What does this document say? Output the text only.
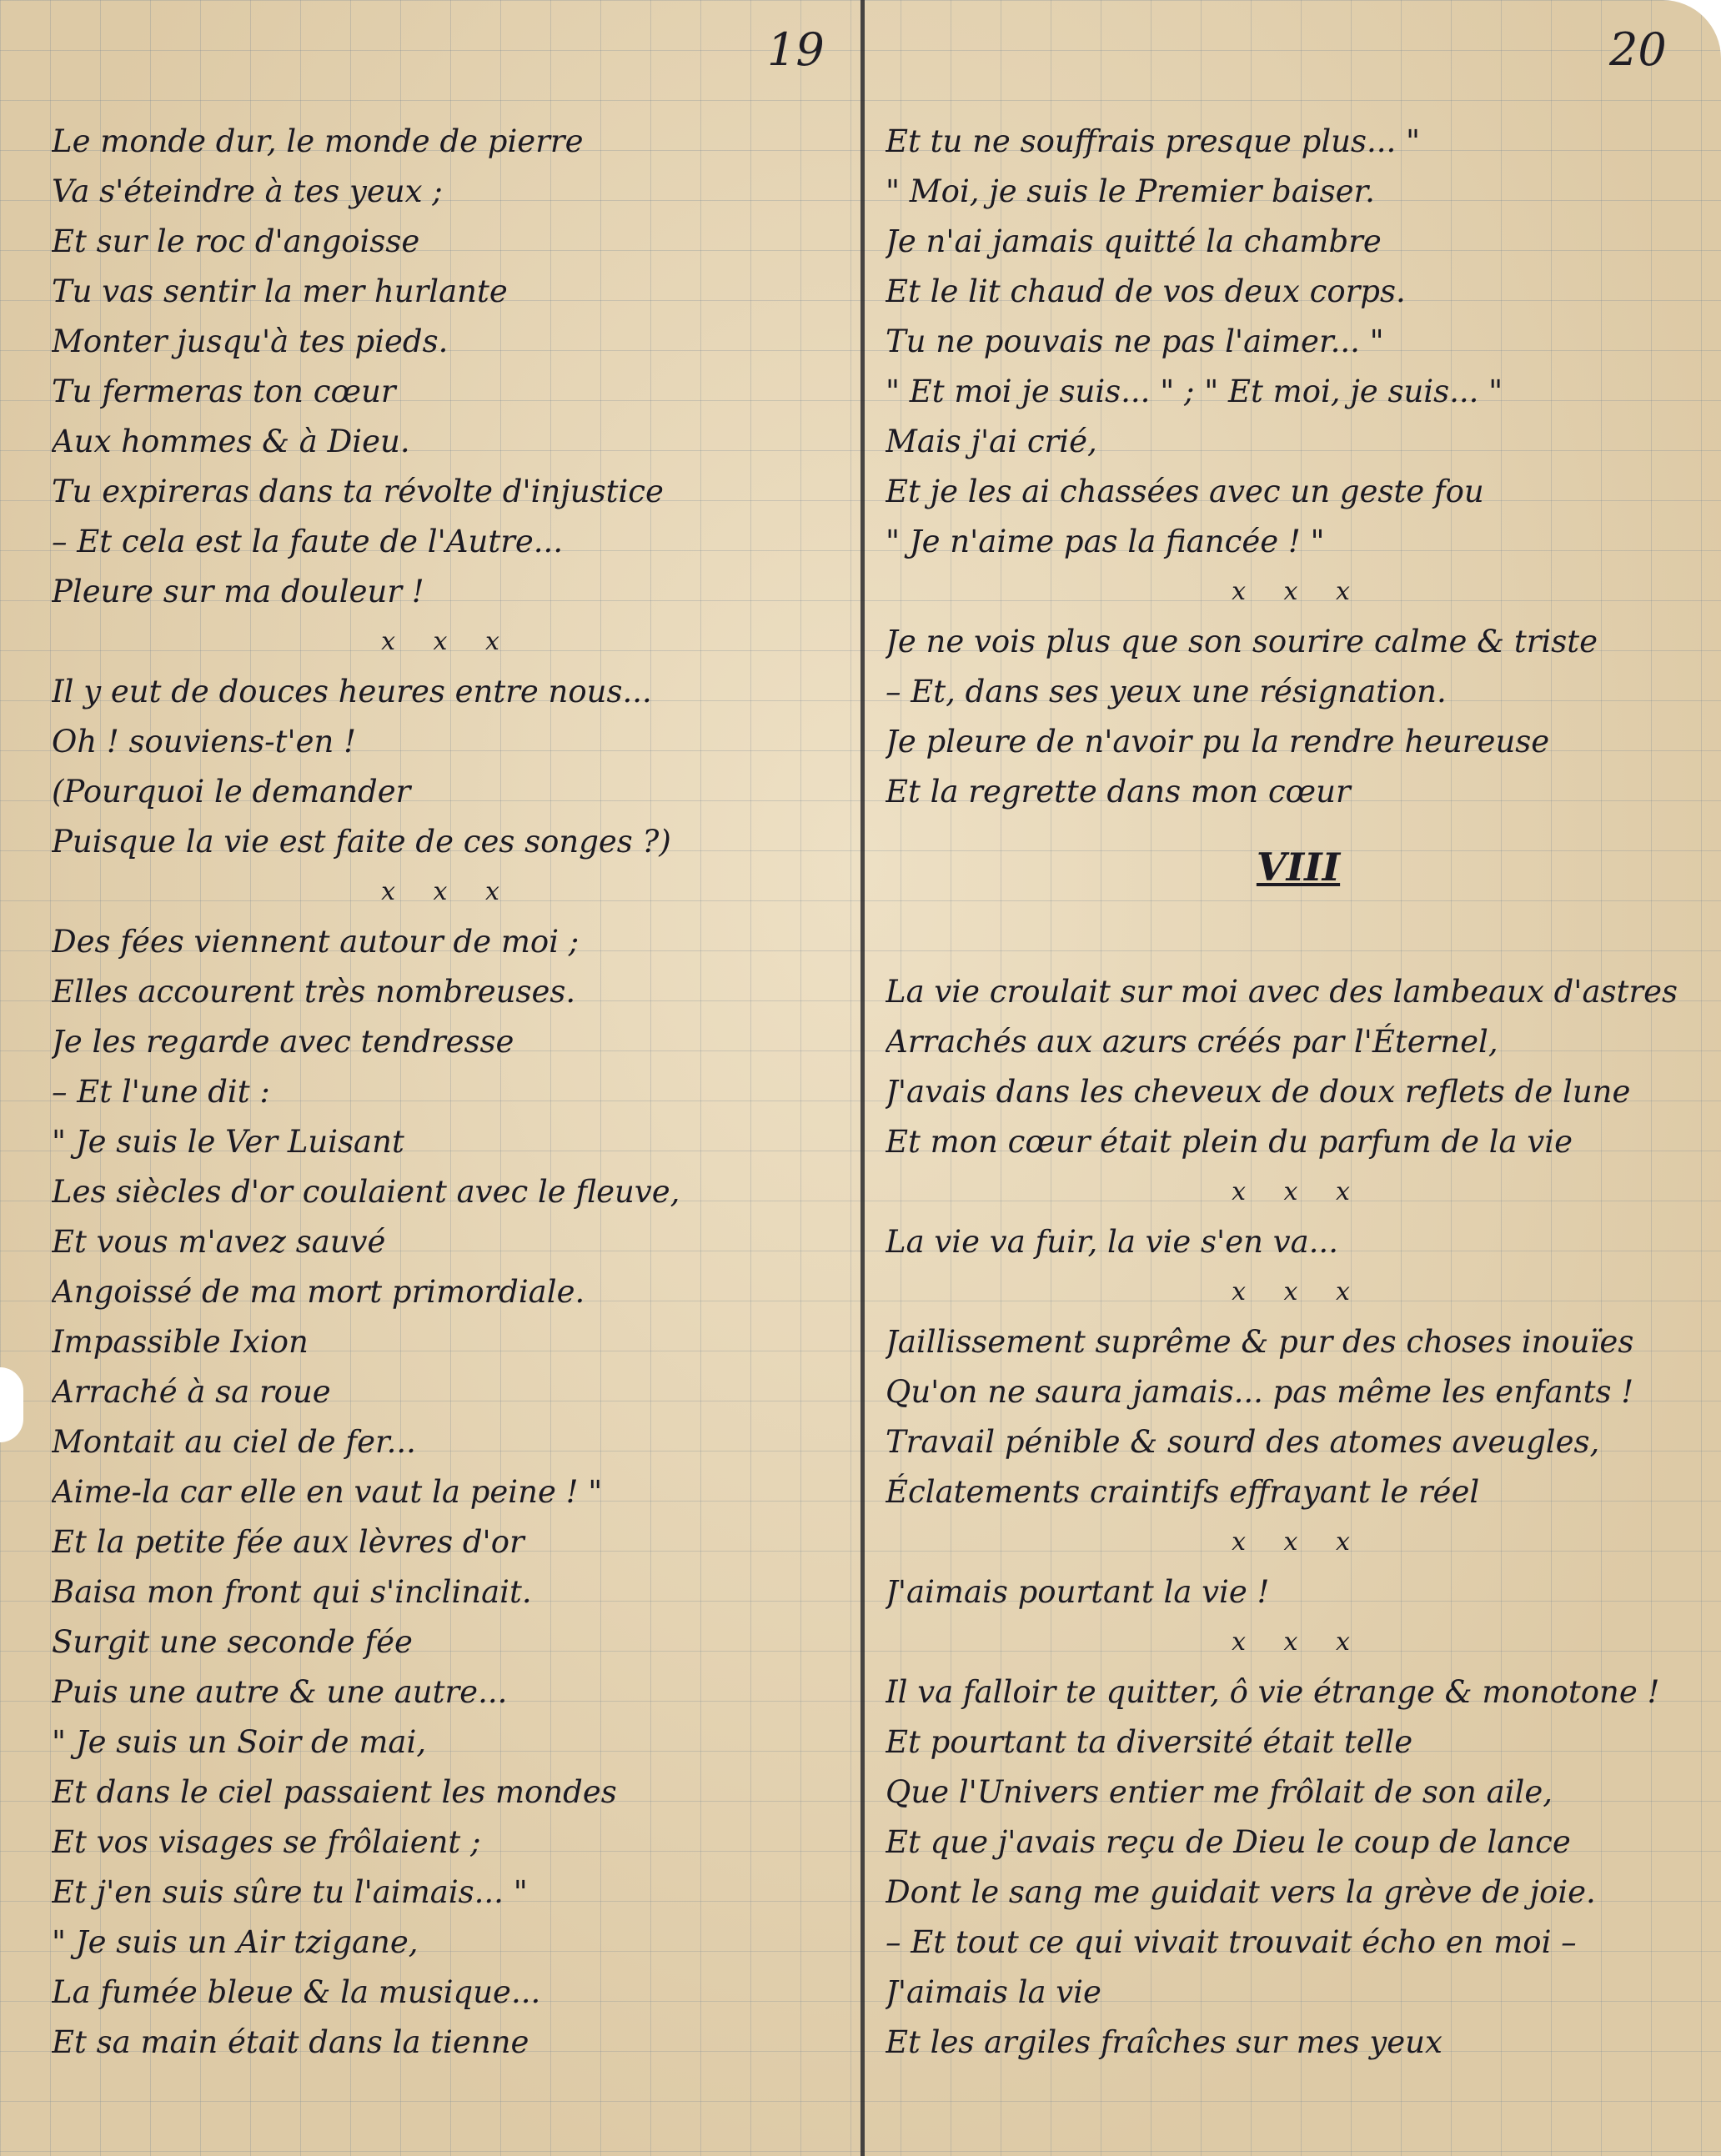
19	20
Le monde dur, le monde de pierre
Va s'éteindre à tes yeux ;
Et sur le roc d'angoisse
Tu vas sentir la mer hurlante
Monter jusqu'à tes pieds.
Tu fermeras ton cœur
Aux hommes & à Dieu.
Tu expireras dans ta révolte d'injustice
– Et cela est la faute de l'Autre...
Pleure sur ma douleur !
x x x
Il y eut de douces heures entre nous...
Oh ! souviens-t'en !
(Pourquoi le demander
Puisque la vie est faite de ces songes ?)
x x x
Des fées viennent autour de moi ;
Elles accourent très nombreuses.
Je les regarde avec tendresse
– Et l'une dit :
" Je suis le Ver Luisant
Les siècles d'or coulaient avec le fleuve,
Et vous m'avez sauvé
Angoissé de ma mort primordiale.
Impassible Ixion
Arraché à sa roue
Montait au ciel de fer...
Aime-la car elle en vaut la peine ! "
Et la petite fée aux lèvres d'or
Baisa mon front qui s'inclinait.
Surgit une seconde fée
Puis une autre & une autre...
" Je suis un Soir de mai,
Et dans le ciel passaient les mondes
Et vos visages se frôlaient ;
Et j'en suis sûre tu l'aimais... "
" Je suis un Air tzigane,
La fumée bleue & la musique...
Et sa main était dans la tienne
Et tu ne souffrais presque plus... "
" Moi, je suis le Premier baiser.
Je n'ai jamais quitté la chambre
Et le lit chaud de vos deux corps.
Tu ne pouvais ne pas l'aimer... "
" Et moi je suis... " ; " Et moi, je suis... "
Mais j'ai crié,
Et je les ai chassées avec un geste fou
" Je n'aime pas la fiancée ! "
x x x
Je ne vois plus que son sourire calme & triste
– Et, dans ses yeux une résignation.
Je pleure de n'avoir pu la rendre heureuse
Et la regrette dans mon cœur
VIII
La vie croulait sur moi avec des lambeaux d'astres
Arrachés aux azurs créés par l'Éternel,
J'avais dans les cheveux de doux reflets de lune
Et mon cœur était plein du parfum de la vie
x x x
La vie va fuir, la vie s'en va...
x x x
Jaillissement suprême & pur des choses inouïes
Qu'on ne saura jamais... pas même les enfants !
Travail pénible & sourd des atomes aveugles,
Éclatements craintifs effrayant le réel
x x x
J'aimais pourtant la vie !
x x x
Il va falloir te quitter, ô vie étrange & monotone !
Et pourtant ta diversité était telle
Que l'Univers entier me frôlait de son aile,
Et que j'avais reçu de Dieu le coup de lance
Dont le sang me guidait vers la grève de joie.
– Et tout ce qui vivait trouvait écho en moi –
J'aimais la vie
Et les argiles fraîches sur mes yeux
